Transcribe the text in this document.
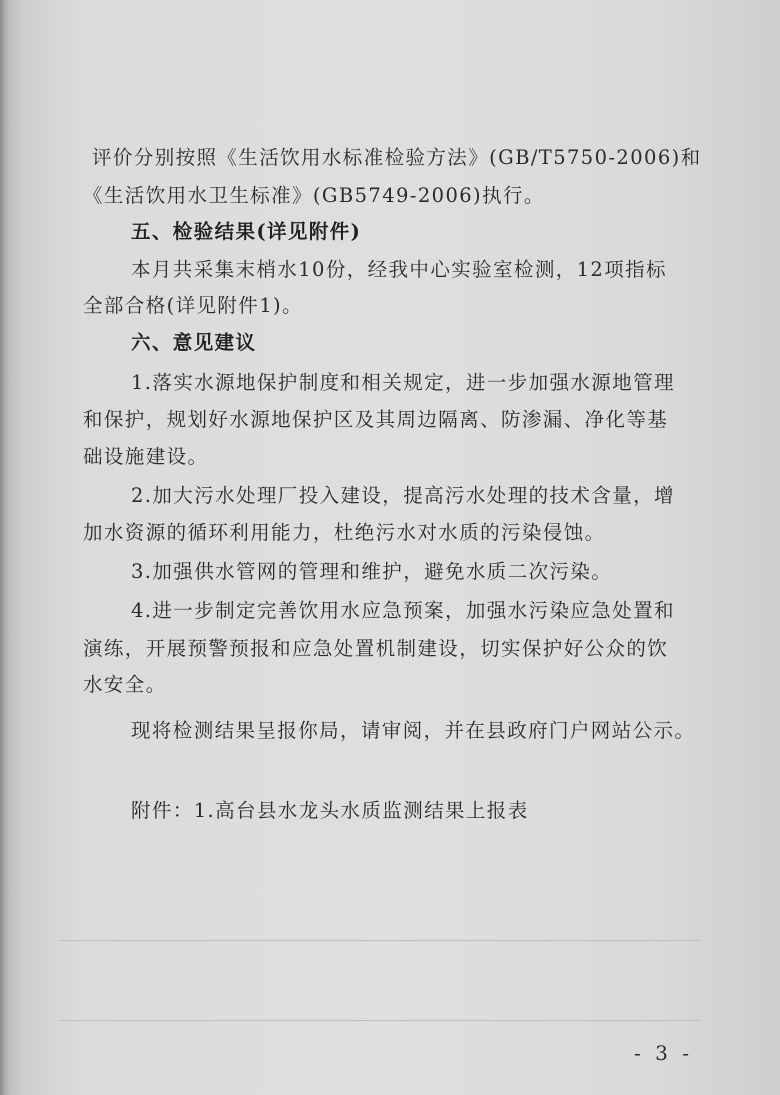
评价分别按照《生活饮用水标准检验方法》(GB/T5750-2006)和
《生活饮用水卫生标准》(GB5749-2006)执行。
五、检验结果(详见附件)
本月共采集末梢水10份，经我中心实验室检测，12项指标
全部合格(详见附件1)。
六、意见建议
1.落实水源地保护制度和相关规定，进一步加强水源地管理
和保护，规划好水源地保护区及其周边隔离、防渗漏、净化等基
础设施建设。
2.加大污水处理厂投入建设，提高污水处理的技术含量，增
加水资源的循环利用能力，杜绝污水对水质的污染侵蚀。
3.加强供水管网的管理和维护，避免水质二次污染。
4.进一步制定完善饮用水应急预案，加强水污染应急处置和
演练，开展预警预报和应急处置机制建设，切实保护好公众的饮
水安全。
现将检测结果呈报你局，请审阅，并在县政府门户网站公示。
附件：1.高台县水龙头水质监测结果上报表
- 3 -
